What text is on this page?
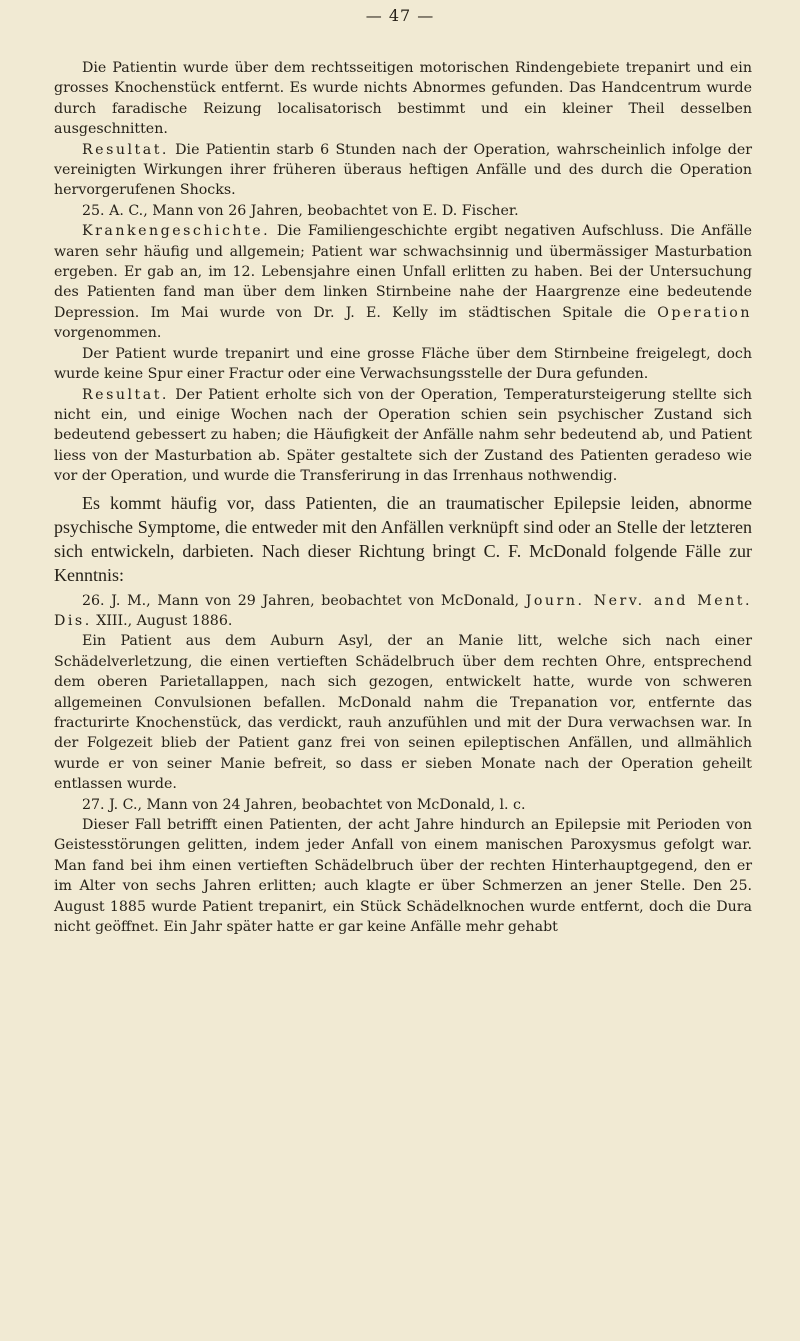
— 47 —

Die Patientin wurde über dem rechtsseitigen motorischen Rindengebiete trepanirt und ein grosses Knochenstück entfernt. Es wurde nichts Abnormes gefunden. Das Handcentrum wurde durch faradische Reizung localisatorisch bestimmt und ein kleiner Theil desselben ausgeschnitten.

Resultat. Die Patientin starb 6 Stunden nach der Operation, wahrscheinlich infolge der vereinigten Wirkungen ihrer früheren überaus heftigen Anfälle und des durch die Operation hervorgerufenen Shocks.

25. A. C., Mann von 26 Jahren, beobachtet von E. D. Fischer.

Krankengeschichte. Die Familiengeschichte ergibt negativen Aufschluss. Die Anfälle waren sehr häufig und allgemein; Patient war schwachsinnig und übermässiger Masturbation ergeben. Er gab an, im 12. Lebensjahre einen Unfall erlitten zu haben. Bei der Untersuchung des Patienten fand man über dem linken Stirnbeine nahe der Haargrenze eine bedeutende Depression. Im Mai wurde von Dr. J. E. Kelly im städtischen Spitale die Operation vorgenommen.

Der Patient wurde trepanirt und eine grosse Fläche über dem Stirnbeine freigelegt, doch wurde keine Spur einer Fractur oder eine Verwachsungsstelle der Dura gefunden.

Resultat. Der Patient erholte sich von der Operation, Temperatursteigerung stellte sich nicht ein, und einige Wochen nach der Operation schien sein psychischer Zustand sich bedeutend gebessert zu haben; die Häufigkeit der Anfälle nahm sehr bedeutend ab, und Patient liess von der Masturbation ab. Später gestaltete sich der Zustand des Patienten geradeso wie vor der Operation, und wurde die Transferirung in das Irrenhaus nothwendig.

Es kommt häufig vor, dass Patienten, die an traumatischer Epilepsie leiden, abnorme psychische Symptome, die entweder mit den Anfällen verknüpft sind oder an Stelle der letzteren sich entwickeln, darbieten. Nach dieser Richtung bringt C. F. McDonald folgende Fälle zur Kenntnis:

26. J. M., Mann von 29 Jahren, beobachtet von McDonald, Journ. Nerv. and Ment. Dis. XIII., August 1886.

Ein Patient aus dem Auburn Asyl, der an Manie litt, welche sich nach einer Schädelverletzung, die einen vertieften Schädelbruch über dem rechten Ohre, entsprechend dem oberen Parietallappen, nach sich gezogen, entwickelt hatte, wurde von schweren allgemeinen Convulsionen befallen. McDonald nahm die Trepanation vor, entfernte das fracturirte Knochenstück, das verdickt, rauh anzufühlen und mit der Dura verwachsen war. In der Folgezeit blieb der Patient ganz frei von seinen epileptischen Anfällen, und allmählich wurde er von seiner Manie befreit, so dass er sieben Monate nach der Operation geheilt entlassen wurde.

27. J. C., Mann von 24 Jahren, beobachtet von McDonald, l. c.

Dieser Fall betrifft einen Patienten, der acht Jahre hindurch an Epilepsie mit Perioden von Geistesstörungen gelitten, indem jeder Anfall von einem manischen Paroxysmus gefolgt war. Man fand bei ihm einen vertieften Schädelbruch über der rechten Hinterhauptgegend, den er im Alter von sechs Jahren erlitten; auch klagte er über Schmerzen an jener Stelle. Den 25. August 1885 wurde Patient trepanirt, ein Stück Schädelknochen wurde entfernt, doch die Dura nicht geöffnet. Ein Jahr später hatte er gar keine Anfälle mehr gehabt
